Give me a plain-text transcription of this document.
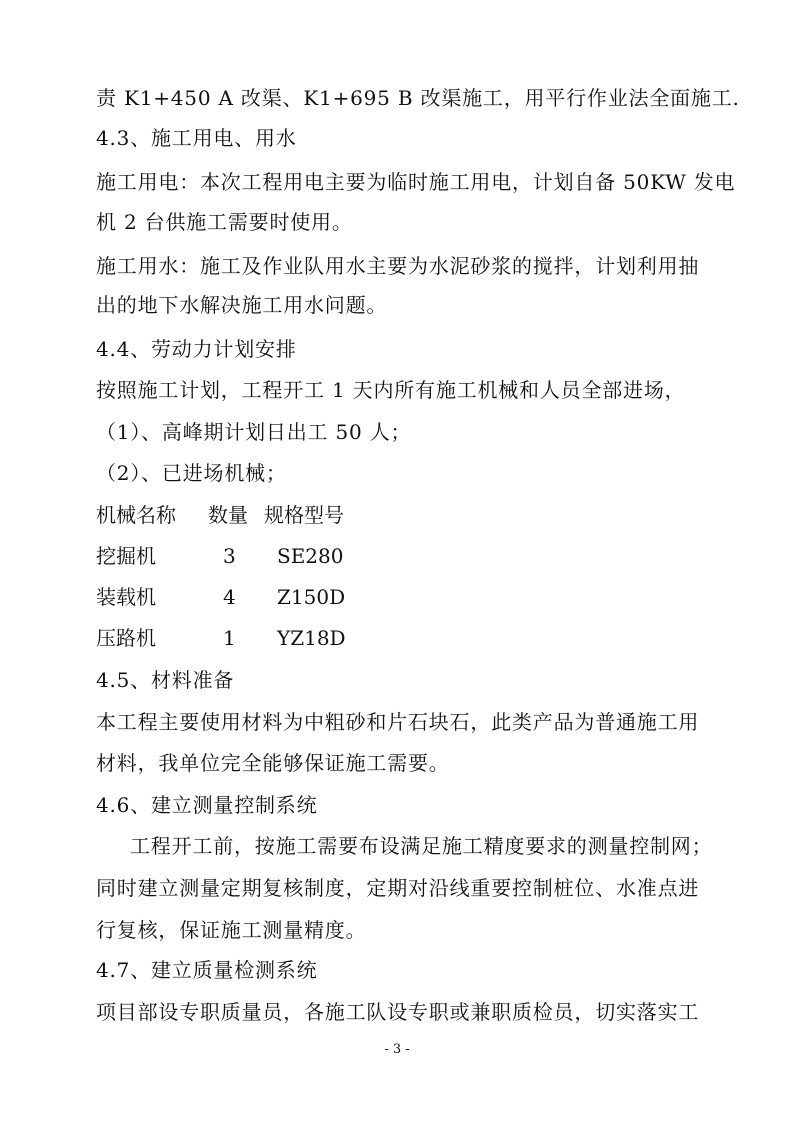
责 K1+450 A 改渠、K1+695 B 改渠施工，用平行作业法全面施工.
4.3、施工用电、用水
施工用电：本次工程用电主要为临时施工用电，计划自备 50KW 发电
机 2 台供施工需要时使用。
施工用水：施工及作业队用水主要为水泥砂浆的搅拌，计划利用抽
出的地下水解决施工用水问题。
4.4、劳动力计划安排
按照施工计划，工程开工 1 天内所有施工机械和人员全部进场，
（1）、高峰期计划日出工 50 人；
（2）、已进场机械；
机械名称 数量 规格型号
挖掘机	3 SE280
装载机	4 Z150D
压路机	1 YZ18D
4.5、材料准备
本工程主要使用材料为中粗砂和片石块石，此类产品为普通施工用
材料，我单位完全能够保证施工需要。
4.6、建立测量控制系统
工程开工前，按施工需要布设满足施工精度要求的测量控制网；
同时建立测量定期复核制度，定期对沿线重要控制桩位、水准点进
行复核，保证施工测量精度。
4.7、建立质量检测系统
项目部设专职质量员，各施工队设专职或兼职质检员，切实落实工
- 3 -
